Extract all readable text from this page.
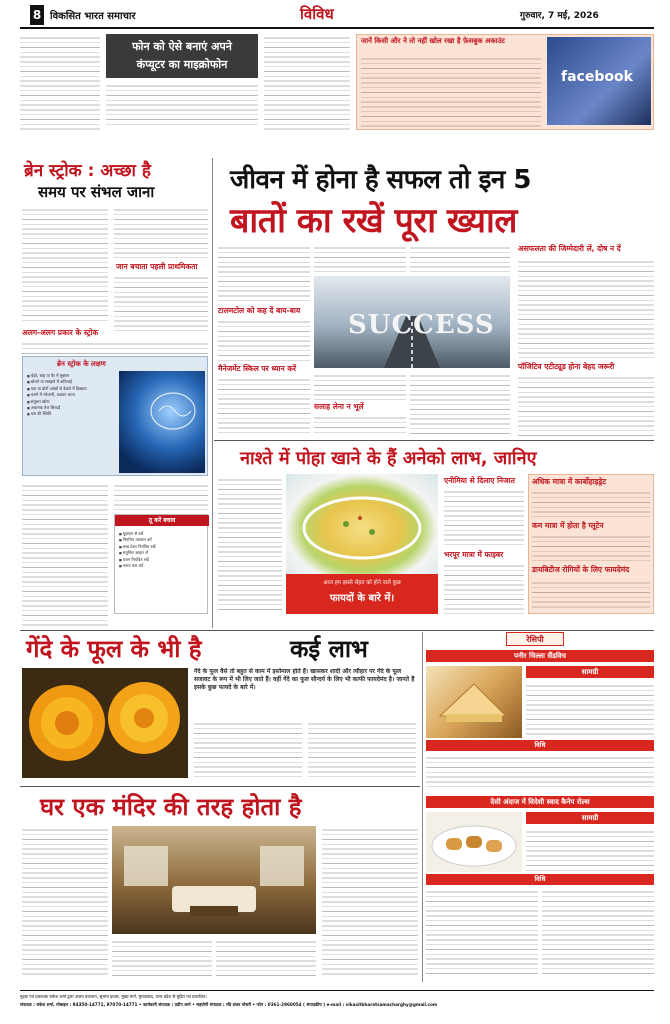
8 विकसित भारत समाचार	विविध	गुरुवार, 7 मई, 2026
फोन को ऐसे बनाएं अपने
कंप्यूटर का माइक्रोफोन
जानें किसी और ने तो नहीं खोल रखा है फ़ेसबुक अकाउंट
facebook
ब्रेन स्ट्रोक : अच्छा है
समय पर संभल जाना
जान बचाता पहली प्राथमिकता
अलग-अलग प्रकार के स्ट्रोक
ब्रेन स्ट्रोक के लक्षण
■ चेहरे, बांह या पैर में सुन्नपन
■ बोलने या समझने में कठिनाई
■ एक या दोनों आंखों से देखने में दिक्कत
■ चलने में परेशानी, चक्कर आना
■ संतुलन खोना
■ अचानक तेज सिरदर्द
■ भ्रम की स्थिति
तू करें बचाव
■ धूम्रपान से बचें
■ नियमित व्यायाम करें
■ ब्लड प्रेशर नियंत्रित रखें
■ संतुलित आहार लें
■ वजन नियंत्रित रखें
■ तनाव कम करें
जीवन में होना है सफल तो इन 5
बातों का रखें पूरा ख्याल
टालमटोल को कह दें बाय-बाय
मैनेजमेंट स्किल पर ध्यान करें
SUCCESS
सलाह लेना न भूलें
असफलता की जिम्मेदारी लें, दोष न दें
पॉजिटिव एटीट्यूड होना बेहद जरूरी
नाश्ते में पोहा खाने के हैं अनेको लाभ, जानिए
आज हम इससे सेहत को होने वाले कुछ
फायदों के बारे में।
एनीमिया से दिलाए निजात
भरपूर मात्रा में फाइबर
अधिक मात्रा में कार्बोहाइड्रेट
कम मात्रा में होता है ग्लूटेन
डायबिटीज रोगियों के लिए फायदेमंद
गेंदे के फूल के भी है	कई लाभ
गेंदे के फूल वैसे तो बहुत से काम में इस्तेमाल होते हैं। खासकर शादी और त्यौहार पर गेंदे के फूल सजावट के रूप में भी लिए जाते हैं। वहीं गेंदे का फूल सौन्दर्य के लिए भी काफी फायदेमंद है। जानते हैं इसके कुछ फायदे के बारे में।
घर एक मंदिर की तरह होता है
रेसिपी
पनीर चिल्ला सैंडविच
सामग्री
विधि
देसी अंदाज में विदेशी स्वाद कैनेप रोल्स
सामग्री
विधि
मुद्रक एवं प्रकाशक राकेश शर्मा द्वारा अजय प्रकाशन, सुभाष हाउस, मुख्य मार्ग, मुरादाबाद, उत्तर प्रदेश से मुद्रित एवं प्रकाशित।
संपादक : राकेश शर्मा, मोबाइल : 94350-14771, 97070-14771 • कार्यकारी संपादक : प्रदीप शर्मा • सहयोगी संपादक : रवि शंकर चौधरी • फोन : 0361-2960054 ( संपादकीय ) e-mail : vikasitbharatsamacharghy@gmail.com
